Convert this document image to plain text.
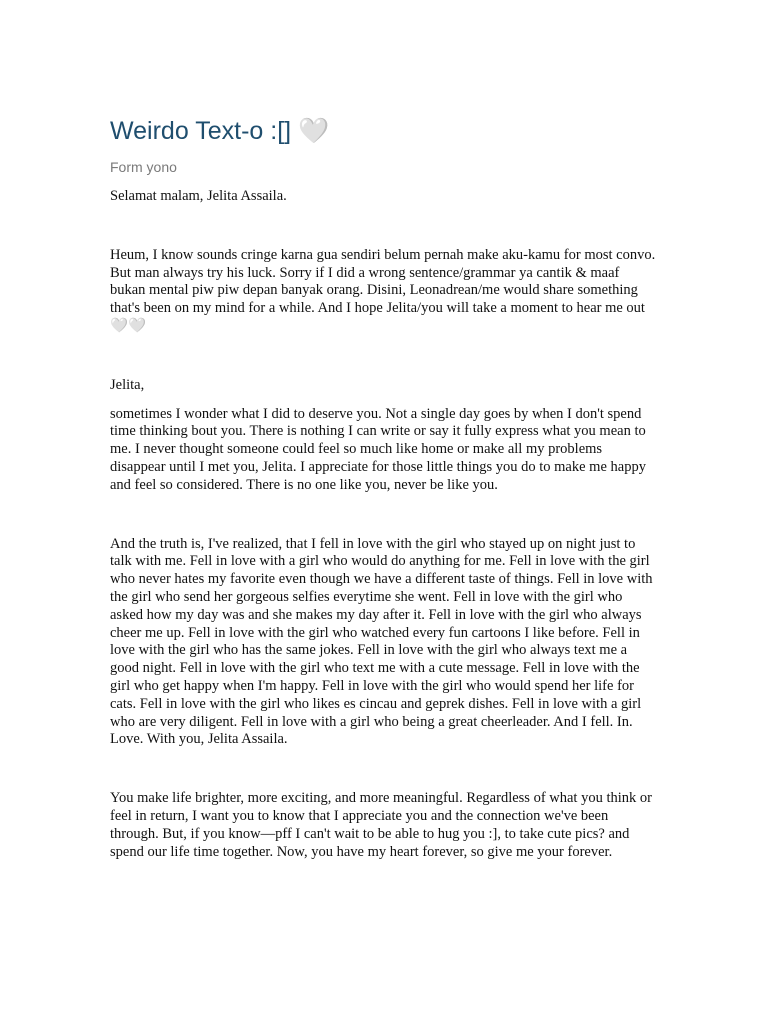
Weirdo Text-o :[] 🤍
Form yono

Selamat malam, Jelita Assaila.

Heum, I know sounds cringe karna gua sendiri belum pernah make aku-kamu for most convo. But man always try his luck. Sorry if I did a wrong sentence/grammar ya cantik & maaf bukan mental piw piw depan banyak orang. Disini, Leonadrean/me would share something that's been on my mind for a while. And I hope Jelita/you will take a moment to hear me out 🤍🤍

Jelita,

sometimes I wonder what I did to deserve you. Not a single day goes by when I don't spend time thinking bout you. There is nothing I can write or say it fully express what you mean to me. I never thought someone could feel so much like home or make all my problems disappear until I met you, Jelita. I appreciate for those little things you do to make me happy and feel so considered. There is no one like you, never be like you.

And the truth is, I've realized, that I fell in love with the girl who stayed up on night just to talk with me. Fell in love with a girl who would do anything for me. Fell in love with the girl who never hates my favorite even though we have a different taste of things. Fell in love with the girl who send her gorgeous selfies everytime she went. Fell in love with the girl who asked how my day was and she makes my day after it. Fell in love with the girl who always cheer me up. Fell in love with the girl who watched every fun cartoons I like before. Fell in love with the girl who has the same jokes. Fell in love with the girl who always text me a good night. Fell in love with the girl who text me with a cute message. Fell in love with the girl who get happy when I'm happy. Fell in love with the girl who would spend her life for cats. Fell in love with the girl who likes es cincau and geprek dishes. Fell in love with a girl who are very diligent. Fell in love with a girl who being a great cheerleader. And I fell. In. Love. With you, Jelita Assaila.

You make life brighter, more exciting, and more meaningful. Regardless of what you think or feel in return, I want you to know that I appreciate you and the connection we've been through. But, if you know—pff I can't wait to be able to hug you :], to take cute pics? and spend our life time together. Now, you have my heart forever, so give me your forever.
